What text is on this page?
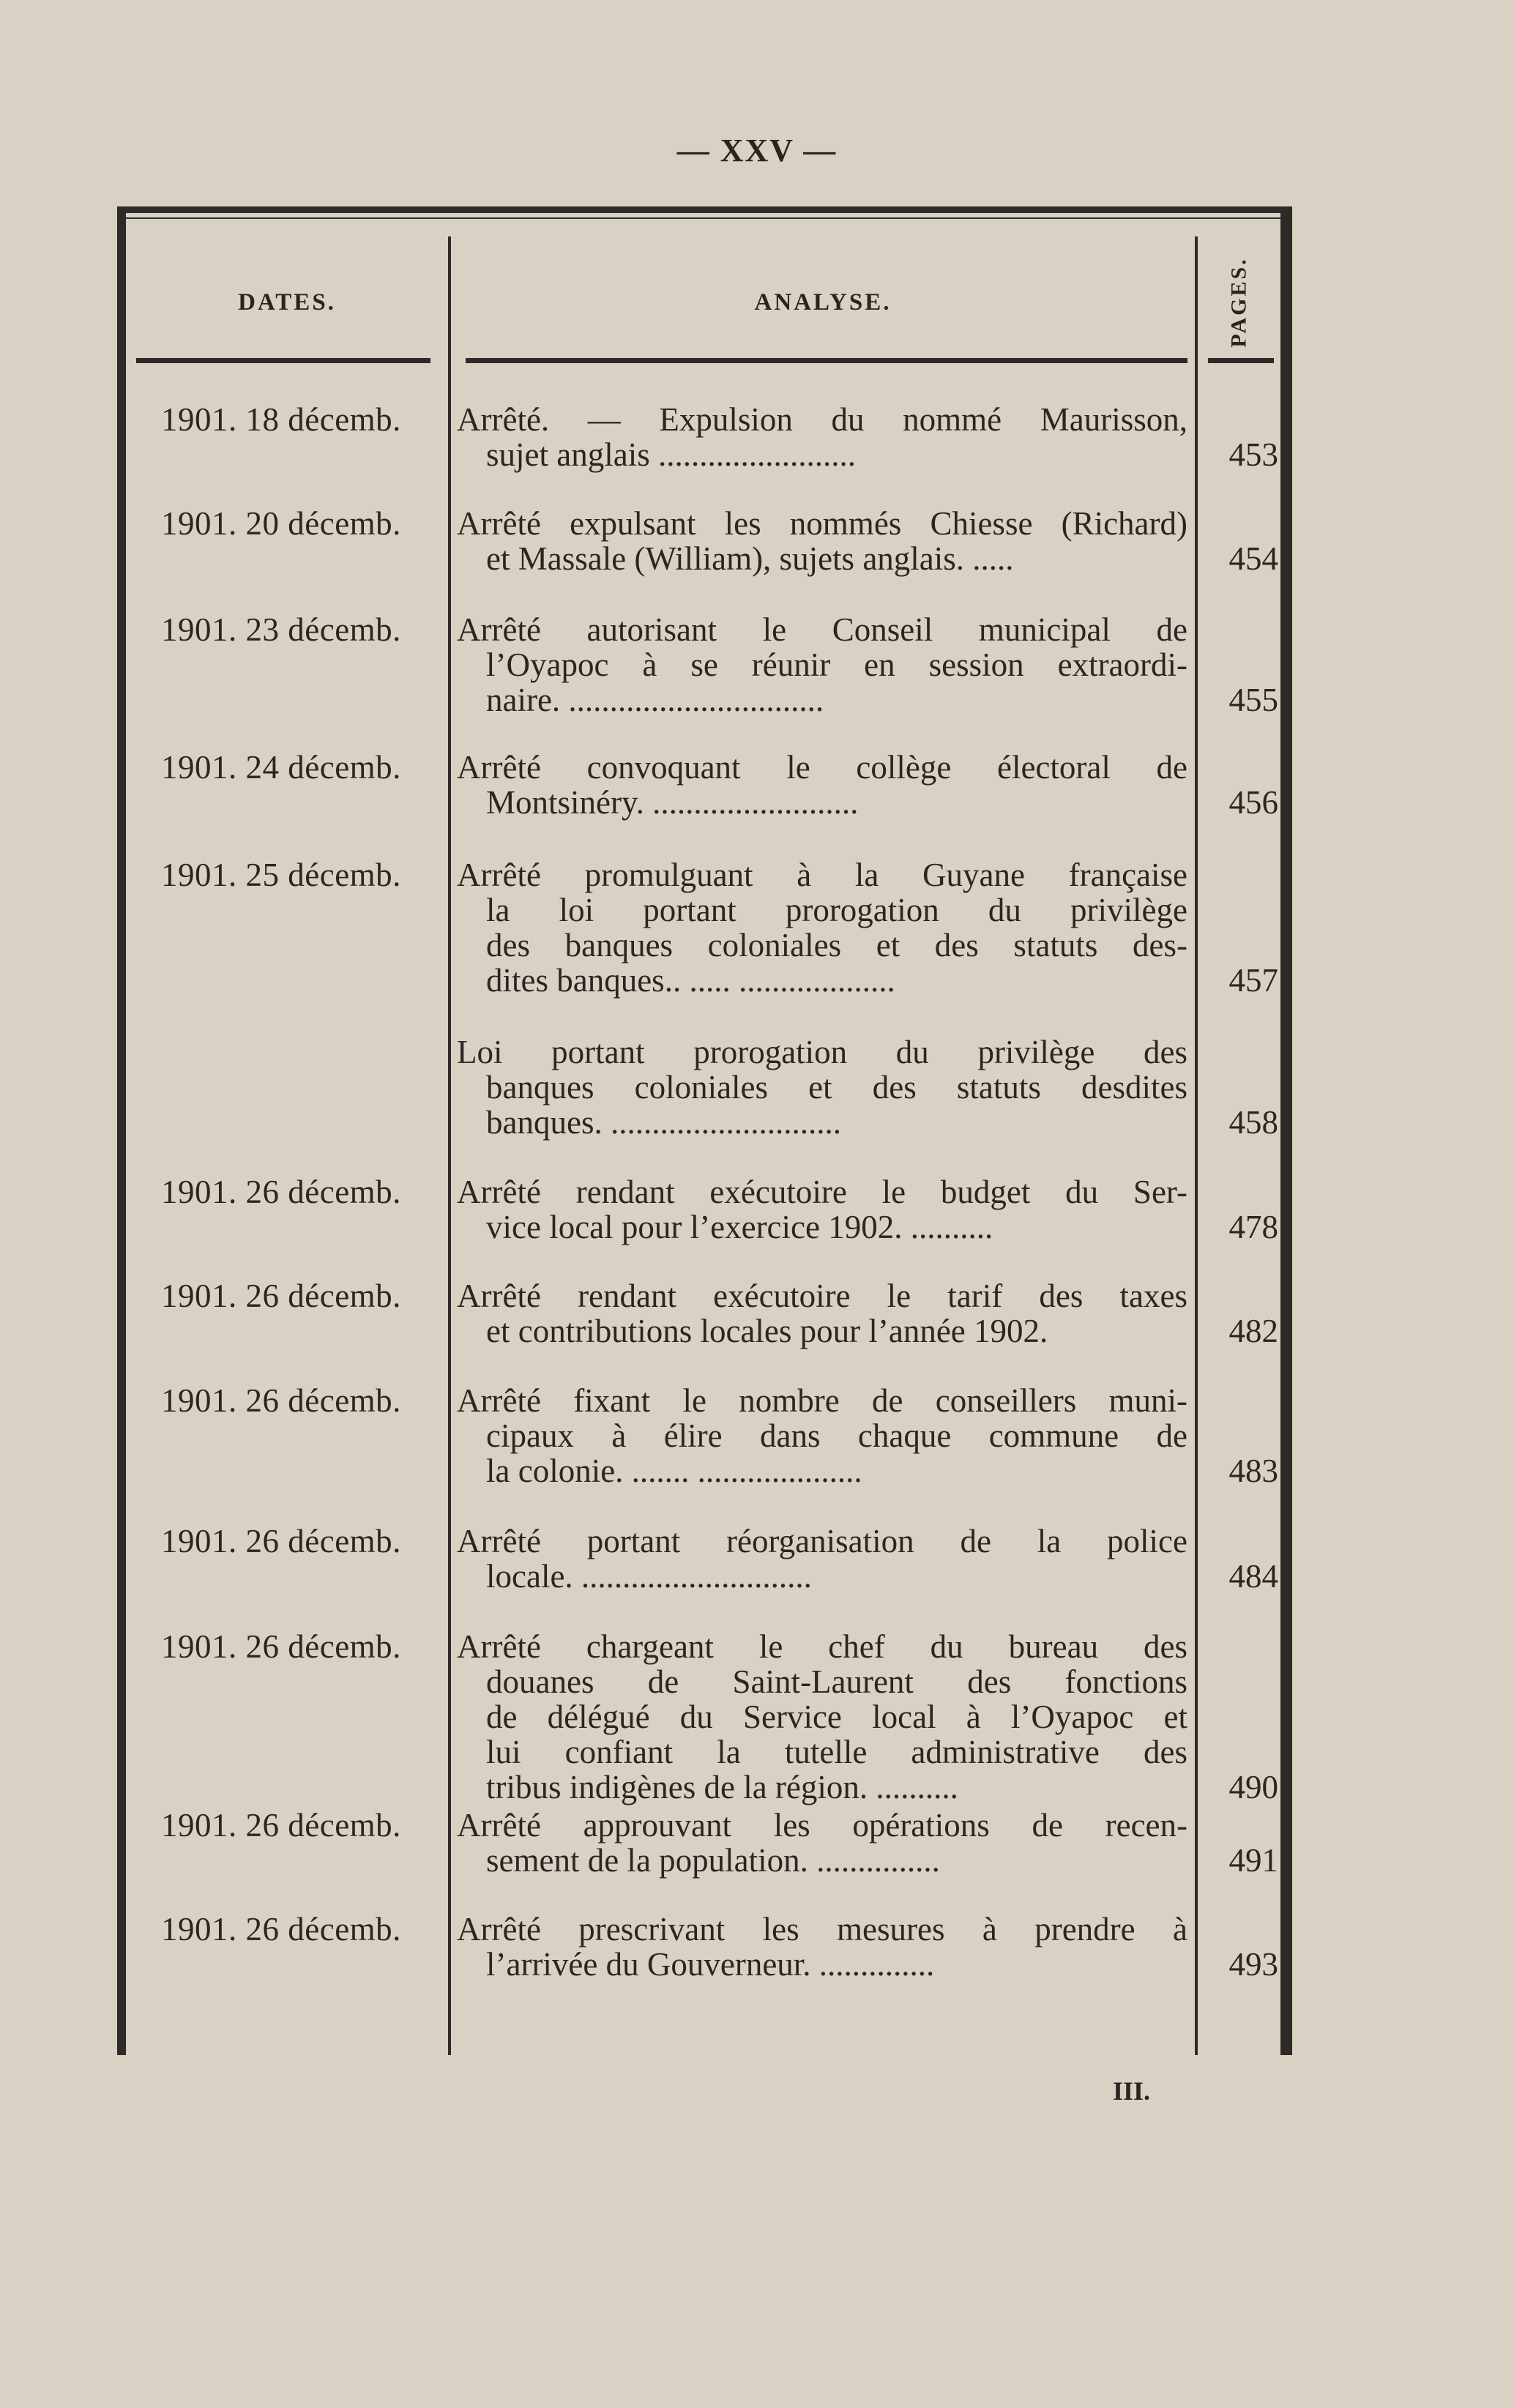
— XXV —
DATES.	ANALYSE.	PAGES.
1901. 18 décemb.	Arrêté. — Expulsion du nommé Maurisson,
sujet anglais ........................	453
1901. 20 décemb.	Arrêté expulsant les nommés Chiesse (Richard)
et Massale (William), sujets anglais. .....	454
1901. 23 décemb.	Arrêté autorisant le Conseil municipal de
l’Oyapoc à se réunir en session extraordi-
naire. ...............................	455
1901. 24 décemb.	Arrêté convoquant le collège électoral de
Montsinéry. .........................	456
1901. 25 décemb.	Arrêté promulguant à la Guyane française
la loi portant prorogation du privilège
des banques coloniales et des statuts des-
dites banques.. ..... ...................	457
Loi portant prorogation du privilège des
banques coloniales et des statuts desdites
banques. ............................	458
1901. 26 décemb.	Arrêté rendant exécutoire le budget du Ser-
vice local pour l’exercice 1902. ..........	478
1901. 26 décemb.	Arrêté rendant exécutoire le tarif des taxes
et contributions locales pour l’année 1902.	482
1901. 26 décemb.	Arrêté fixant le nombre de conseillers muni-
cipaux à élire dans chaque commune de
la colonie. ....... ....................	483
1901. 26 décemb.	Arrêté portant réorganisation de la police
locale. ............................	484
1901. 26 décemb.	Arrêté chargeant le chef du bureau des
douanes de Saint-Laurent des fonctions
de délégué du Service local à l’Oyapoc et
lui confiant la tutelle administrative des
tribus indigènes de la région. ..........	490
1901. 26 décemb.	Arrêté approuvant les opérations de recen-
sement de la population. ...............	491
1901. 26 décemb.	Arrêté prescrivant les mesures à prendre à
l’arrivée du Gouverneur. ..............	493
III.
